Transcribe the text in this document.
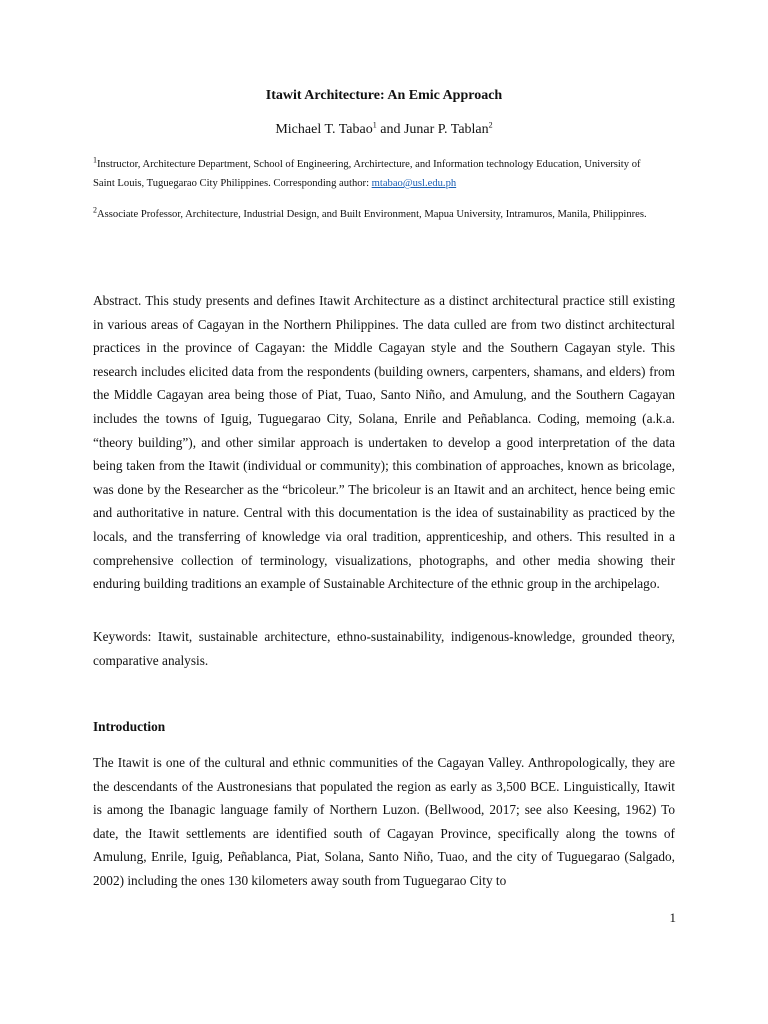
Itawit Architecture: An Emic Approach
Michael T. Tabao$^1$ and Junar P. Tablan$^2$
$^1$Instructor, Architecture Department, School of Engineering, Archirtecture, and Information technology Education, University of Saint Louis, Tuguegarao City Philippines. Corresponding author: mtabao@usl.edu.ph
$^2$Associate Professor, Architecture, Industrial Design, and Built Environment, Mapua University, Intramuros, Manila, Philippinres.

Abstract. This study presents and defines Itawit Architecture as a distinct architectural practice still existing in various areas of Cagayan in the Northern Philippines. The data culled are from two distinct architectural practices in the province of Cagayan: the Middle Cagayan style and the Southern Cagayan style. This research includes elicited data from the respondents (building owners, carpenters, shamans, and elders) from the Middle Cagayan area being those of Piat, Tuao, Santo Niño, and Amulung, and the Southern Cagayan includes the towns of Iguig, Tuguegarao City, Solana, Enrile and Peñablanca. Coding, memoing (a.k.a. “theory building”), and other similar approach is undertaken to develop a good interpretation of the data being taken from the Itawit (individual or community); this combination of approaches, known as bricolage, was done by the Researcher as the “bricoleur.” The bricoleur is an Itawit and an architect, hence being emic and authoritative in nature. Central with this documentation is the idea of sustainability as practiced by the locals, and the transferring of knowledge via oral tradition, apprenticeship, and others. This resulted in a comprehensive collection of terminology, visualizations, photographs, and other media showing their enduring building traditions an example of Sustainable Architecture of the ethnic group in the archipelago.

Keywords: Itawit, sustainable architecture, ethno-sustainability, indigenous-knowledge, grounded theory, comparative analysis.

Introduction

The Itawit is one of the cultural and ethnic communities of the Cagayan Valley. Anthropologically, they are the descendants of the Austronesians that populated the region as early as 3,500 BCE. Linguistically, Itawit is among the Ibanagic language family of Northern Luzon. (Bellwood, 2017; see also Keesing, 1962) To date, the Itawit settlements are identified south of Cagayan Province, specifically along the towns of Amulung, Enrile, Iguig, Peñablanca, Piat, Solana, Santo Niño, Tuao, and the city of Tuguegarao (Salgado, 2002) including the ones 130 kilometers away south from Tuguegarao City to

1
